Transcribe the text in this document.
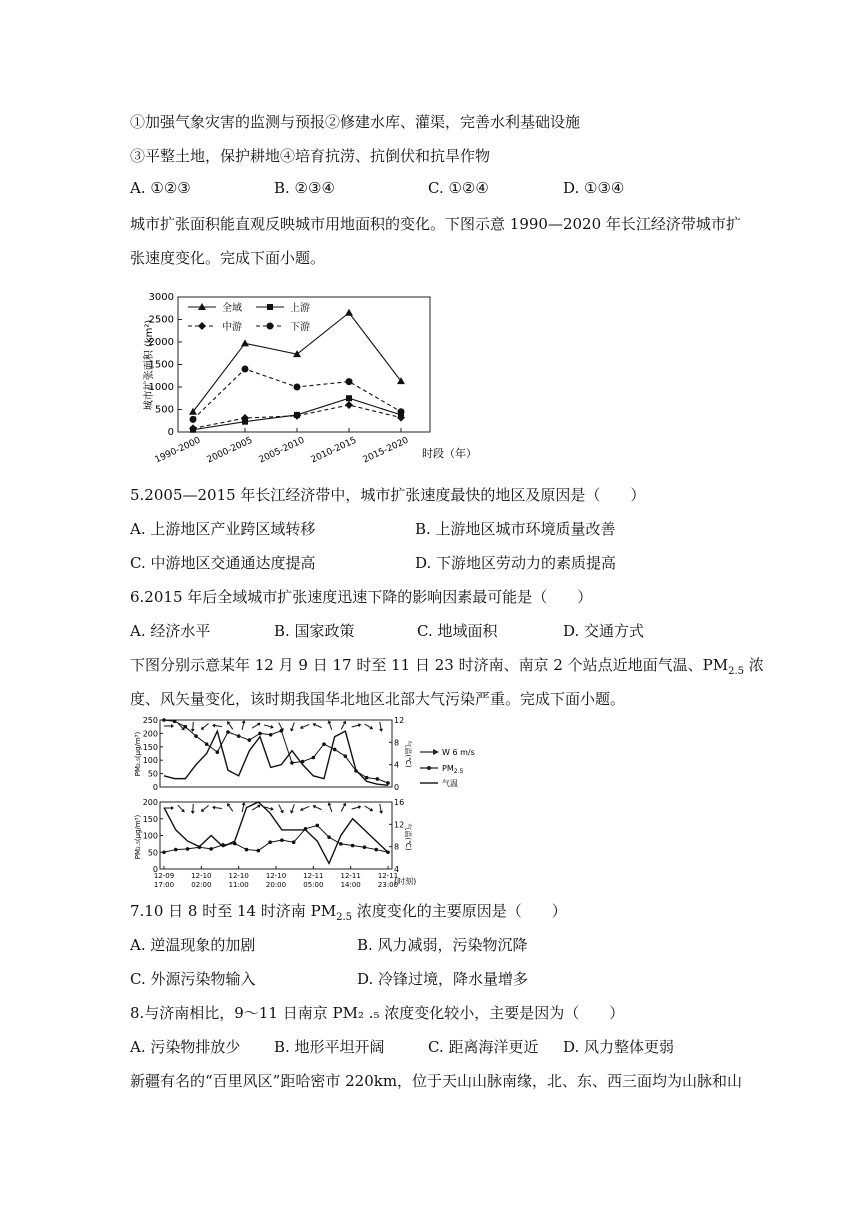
①加强气象灾害的监测与预报②修建水库、灌渠，完善水利基础设施
③平整土地，保护耕地④培育抗涝、抗倒伏和抗旱作物
A. ①②③	B. ②③④	C. ①②④	D. ①③④
城市扩张面积能直观反映城市用地面积的变化。下图示意 1990—2020 年长江经济带城市扩
张速度变化。完成下面小题。
城市扩张面积 (km²)
0
500
1000
1500
2000
2500
3000
1990-2000 2000-2005 2005-2010 2010-2015 2015-2020
全域	上游
中游	下游
时段（年）
5.2005—2015 年长江经济带中，城市扩张速度最快的地区及原因是（　　）
A. 上游地区产业跨区域转移	B. 上游地区城市环境质量改善
C. 中游地区交通通达度提高	D. 下游地区劳动力的素质提高
6.2015 年后全域城市扩张速度迅速下降的影响因素最可能是（　　）
A. 经济水平	B. 国家政策	C. 地域面积	D. 交通方式
下图分别示意某年 12 月 9 日 17 时至 11 日 23 时济南、南京 2 个站点近地面气温、$PM_{2.5}$ 浓
度、风矢量变化，该时期我国华北地区北部大气污染严重。完成下面小题。
PM₂.₅(μg/m³)
PM₂.₅(μg/m³)
气温(℃)
气温(℃)
0
50
100
150
200
250
0
4
8
12
0
50
100
150
200
4
8
12
16
12-09
17:00
12-10
02:00
12-10
11:00
12-10
20:00
12-11
05:00
12-11
14:00
12-11
23:00
(时刻)
W 6 m/s
$PM_{2.5}$
气温
7.10 日 8 时至 14 时济南 $PM_{2.5}$ 浓度变化的主要原因是（　　）
A. 逆温现象的加剧	B. 风力减弱，污染物沉降
C. 外源污染物输入	D. 冷锋过境，降水量增多
8.与济南相比，9～11 日南京 PM₂ .₅ 浓度变化较小，主要是因为（　　）
A. 污染物排放少 B. 地形平坦开阔	C. 距离海洋更近 D. 风力整体更弱
新疆有名的“百里风区”距哈密市 220km，位于天山山脉南缘，北、东、西三面均为山脉和山
